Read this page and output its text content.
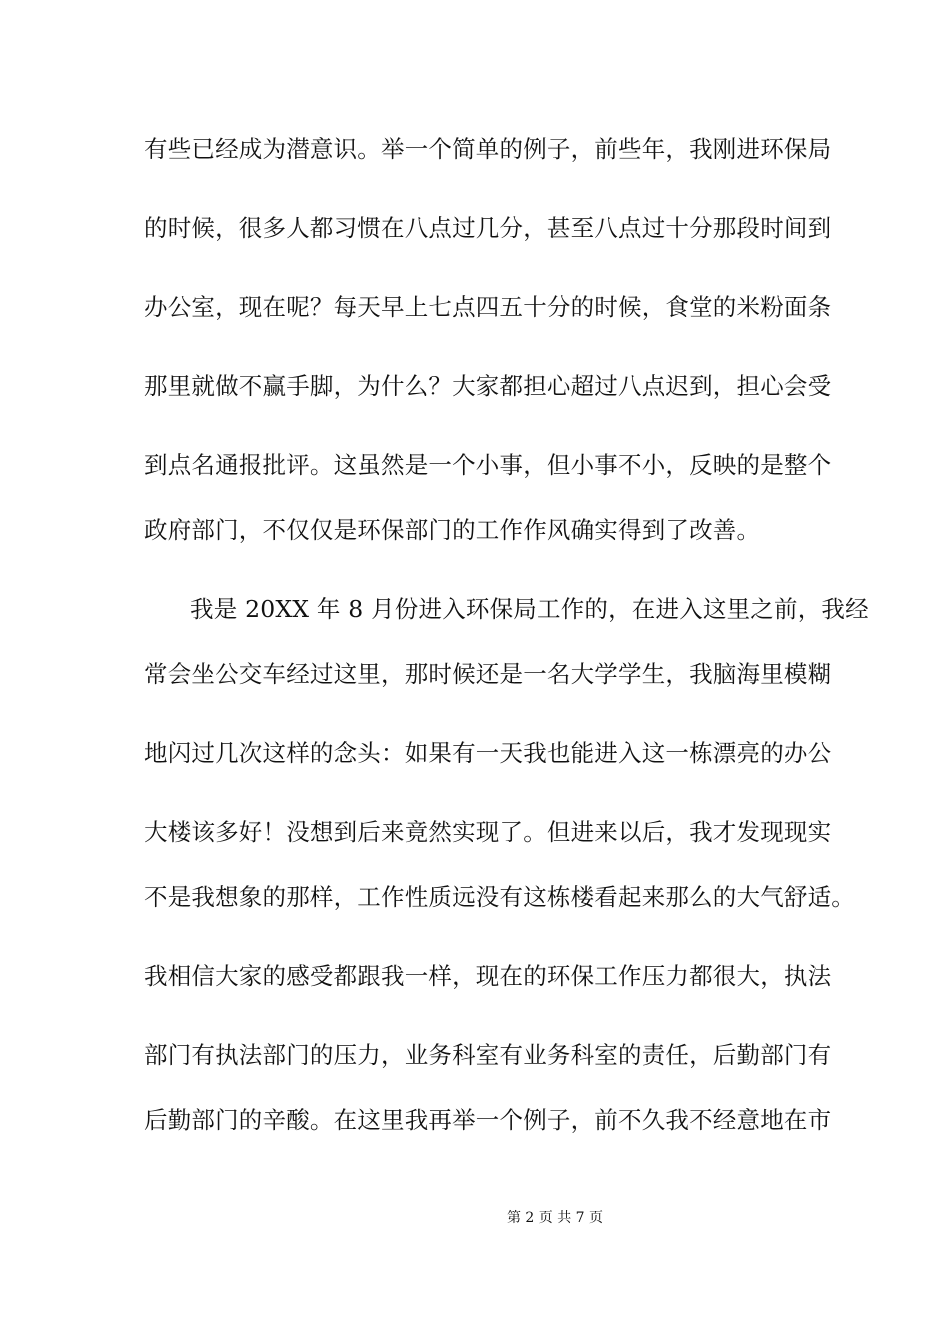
有些已经成为潜意识。举一个简单的例子，前些年，我刚进环保局
的时候，很多人都习惯在八点过几分，甚至八点过十分那段时间到
办公室，现在呢？每天早上七点四五十分的时候，食堂的米粉面条
那里就做不赢手脚，为什么？大家都担心超过八点迟到，担心会受
到点名通报批评。这虽然是一个小事，但小事不小，反映的是整个
政府部门，不仅仅是环保部门的工作作风确实得到了改善。
我是 20XX 年 8 月份进入环保局工作的，在进入这里之前，我经
常会坐公交车经过这里，那时候还是一名大学学生，我脑海里模糊
地闪过几次这样的念头：如果有一天我也能进入这一栋漂亮的办公
大楼该多好！没想到后来竟然实现了。但进来以后，我才发现现实
不是我想象的那样，工作性质远没有这栋楼看起来那么的大气舒适。
我相信大家的感受都跟我一样，现在的环保工作压力都很大，执法
部门有执法部门的压力，业务科室有业务科室的责任，后勤部门有
后勤部门的辛酸。在这里我再举一个例子，前不久我不经意地在市
第 2 页 共 7 页
